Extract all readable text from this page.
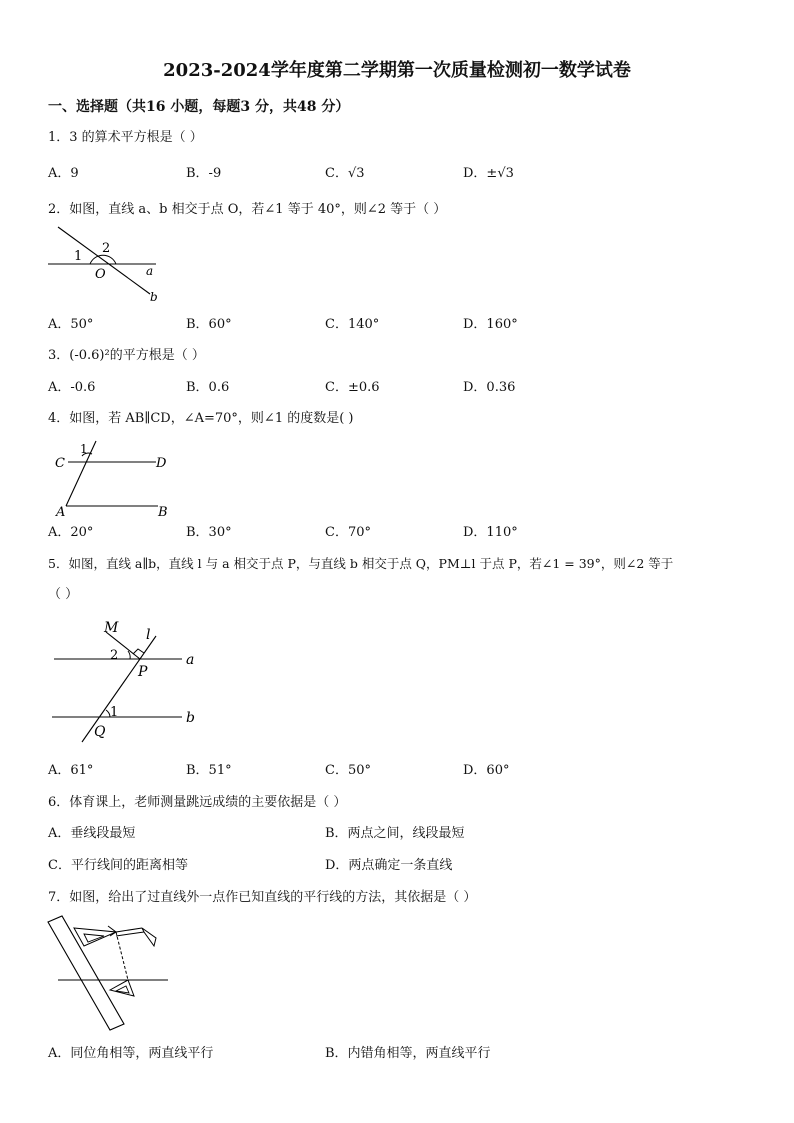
2023-2024学年度第二学期第一次质量检测初一数学试卷
一、选择题（共16 小题，每题3 分，共48 分）
1．3 的算术平方根是（ ）
A．9	B．-9	C．√3	D．±√3
2．如图，直线 a、b 相交于点 O，若∠1 等于 40°，则∠2 等于（ ）
1
2
O	a
b
A．50°	B．60°	C．140°	D．160°
3．(-0.6)²的平方根是（ ）
A．-0.6	B．0.6	C．±0.6	D．0.36
4．如图，若 AB∥CD，∠A=70°，则∠1 的度数是( )
1
C	D
A	B
A．20°	B．30°	C．70°	D．110°
5．如图，直线 a∥b，直线 l 与 a 相交于点 P，与直线 b 相交于点 Q，PM⊥l 于点 P，若∠1 = 39°，则∠2 等于
（ ）
M l
2
P
a
1
Q
b
A．61°	B．51°	C．50°	D．60°
6．体育课上，老师测量跳远成绩的主要依据是（ ）
A．垂线段最短	B．两点之间，线段最短
C．平行线间的距离相等	D．两点确定一条直线
7．如图，给出了过直线外一点作已知直线的平行线的方法，其依据是（ ）
A．同位角相等，两直线平行	B．内错角相等，两直线平行
